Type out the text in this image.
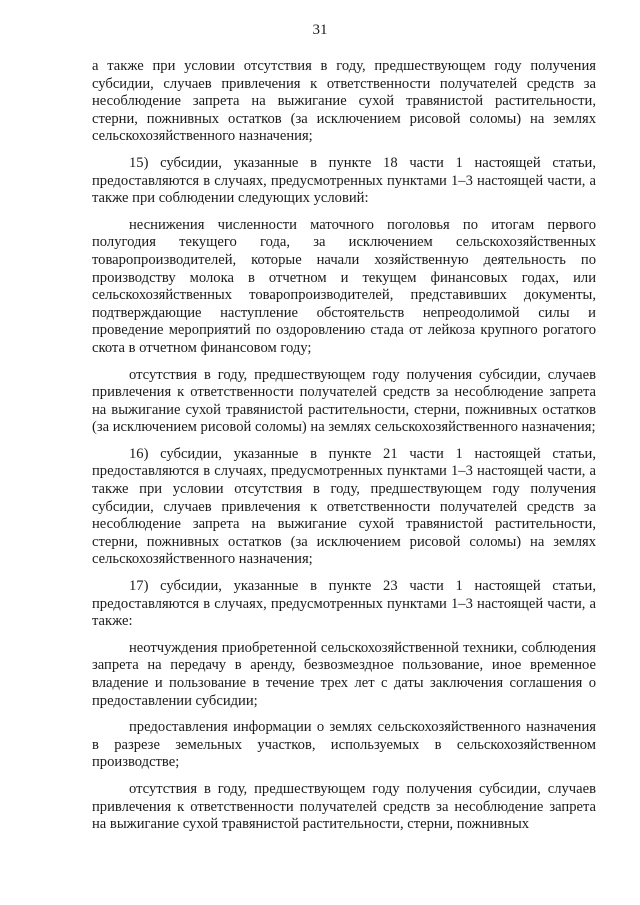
31

а также при условии отсутствия в году, предшествующем году получения субсидии, случаев привлечения к ответственности получателей средств за несоблюдение запрета на выжигание сухой травянистой растительности, стерни, пожнивных остатков (за исключением рисовой соломы) на землях сельскохозяйственного назначения;

15) субсидии, указанные в пункте 18 части 1 настоящей статьи, предоставляются в случаях, предусмотренных пунктами 1–3 настоящей части, а также при соблюдении следующих условий:

неснижения численности маточного поголовья по итогам первого полугодия текущего года, за исключением сельскохозяйственных товаропроизводителей, которые начали хозяйственную деятельность по производству молока в отчетном и текущем финансовых годах, или сельскохозяйственных товаропроизводителей, представивших документы, подтверждающие наступление обстоятельств непреодолимой силы и проведение мероприятий по оздоровлению стада от лейкоза крупного рогатого скота в отчетном финансовом году;

отсутствия в году, предшествующем году получения субсидии, случаев привлечения к ответственности получателей средств за несоблюдение запрета на выжигание сухой травянистой растительности, стерни, пожнивных остатков (за исключением рисовой соломы) на землях сельскохозяйственного назначения;

16) субсидии, указанные в пункте 21 части 1 настоящей статьи, предоставляются в случаях, предусмотренных пунктами 1–3 настоящей части, а также при условии отсутствия в году, предшествующем году получения субсидии, случаев привлечения к ответственности получателей средств за несоблюдение запрета на выжигание сухой травянистой растительности, стерни, пожнивных остатков (за исключением рисовой соломы) на землях сельскохозяйственного назначения;

17) субсидии, указанные в пункте 23 части 1 настоящей статьи, предоставляются в случаях, предусмотренных пунктами 1–3 настоящей части, а также:

неотчуждения приобретенной сельскохозяйственной техники, соблюдения запрета на передачу в аренду, безвозмездное пользование, иное временное владение и пользование в течение трех лет с даты заключения соглашения о предоставлении субсидии;

предоставления информации о землях сельскохозяйственного назначения в разрезе земельных участков, используемых в сельскохозяйственном производстве;

отсутствия в году, предшествующем году получения субсидии, случаев привлечения к ответственности получателей средств за несоблюдение запрета на выжигание сухой травянистой растительности, стерни, пожнивных
